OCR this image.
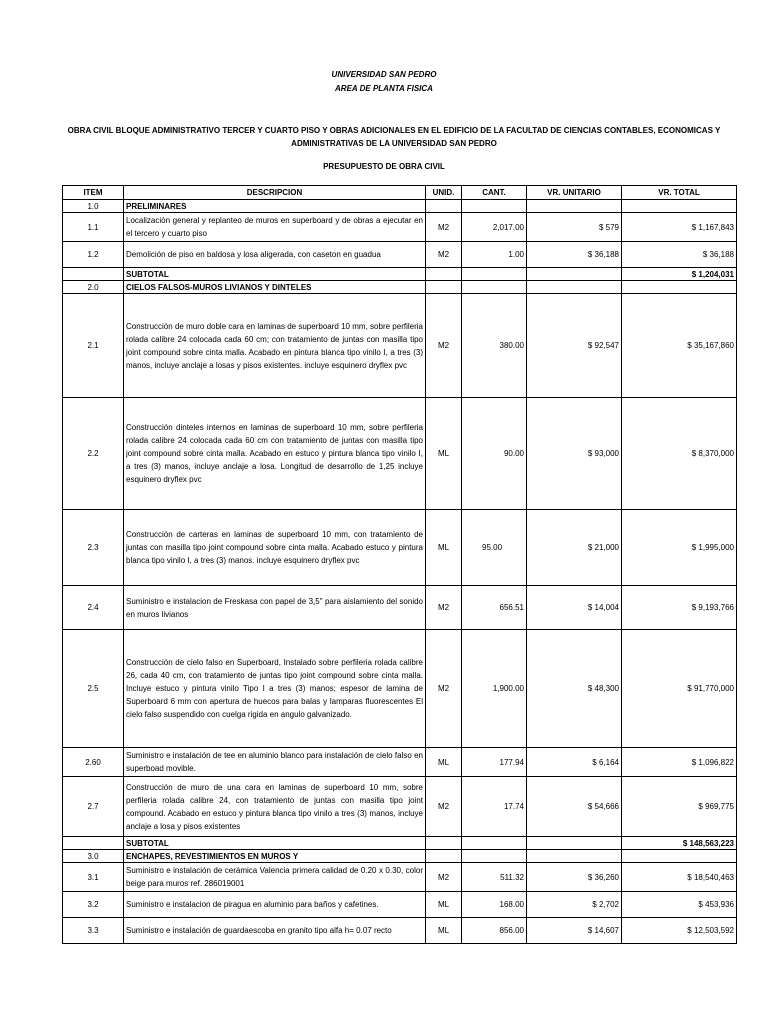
UNIVERSIDAD SAN PEDRO
AREA DE PLANTA FISICA
OBRA CIVIL BLOQUE ADMINISTRATIVO TERCER Y CUARTO PISO Y OBRAS ADICIONALES EN EL EDIFICIO DE LA FACULTAD DE CIENCIAS CONTABLES, ECONOMICAS Y ADMINISTRATIVAS DE LA UNIVERSIDAD SAN PEDRO
PRESUPUESTO DE OBRA CIVIL
ITEM	DESCRIPCION	UNID.	CANT.	VR. UNITARIO	VR. TOTAL
1.0	PRELIMINARES				
1.1	Localización general y replanteo de muros en superboard y de obras a ejecutar en el tercero y cuarto piso	M2	2,017.00	$ 579	$ 1,167,843
1.2	Demolición de piso en baldosa y losa aligerada, con caseton en guadua	M2	1.00	$ 36,188	$ 36,188
	SUBTOTAL				$ 1,204,031
2.0	CIELOS FALSOS-MUROS LIVIANOS Y DINTELES				
2.1	Construcción de muro doble cara en laminas de superboard 10 mm, sobre perfileria rolada calibre 24 colocada cada 60 cm; con tratamiento de juntas con masilla tipo joint compound sobre cinta malla. Acabado en pintura blanca tipo vinilo I, a tres (3) manos, incluye anclaje a losas y pisos existentes. incluye esquinero dryflex pvc	M2	380.00	$ 92,547	$ 35,167,860
2.2	Construcción dinteles internos en laminas de superboard 10 mm, sobre perfileria rolada calibre 24 colocada cada 60 cm con tratamiento de juntas con masilla tipo joint compound sobre cinta malla. Acabado en estuco y pintura blanca tipo vinilo I, a tres (3) manos, incluye anclaje a losa. Longitud de desarrollo de 1,25 incluye esquinero dryflex pvc	ML	90.00	$ 93,000	$ 8,370,000
2.3	Construcción de carteras en laminas de superboard 10 mm, con tratamiento de juntas con masilla tipo joint compound sobre cinta malla. Acabado estuco y pintura blanca tipo vinilo I, a tres (3) manos. incluye esquinero dryflex pvc	ML	95.00	$ 21,000	$ 1,995,000
2.4	Suministro e instalacion de Freskasa con papel de 3,5" para aislamiento del sonido en muros livianos	M2	656.51	$ 14,004	$ 9,193,766
2.5	Construcción de cielo falso en Superboard, Instalado sobre perfileria rolada calibre 26, cada 40 cm, con tratamiento de juntas tipo joint compound sobre cinta malla. Incluye estuco y pintura vinilo Tipo I a tres (3) manos; espesor de lamina de Superboard 6 mm con apertura de huecos para balas y lamparas fluorescentes El cielo falso suspendido con cuelga rigida en angulo galvanizado.	M2	1,900.00	$ 48,300	$ 91,770,000
2.60	Suministro e instalación de tee en aluminio blanco para instalación de cielo falso en superboad movible.	ML	177.94	$ 6,164	$ 1,096,822
2.7	Construcción de muro de una cara en laminas de superboard 10 mm, sobre perfileria rolada calibre 24, con tratamiento de juntas con masilla tipo joint compound. Acabado en estuco y pintura blanca tipo vinilo a tres (3) manos, incluye anclaje a losa y pisos existentes	M2	17.74	$ 54,666	$ 969,775
	SUBTOTAL				$ 148,563,223
3.0	ENCHAPES, REVESTIMIENTOS EN MUROS Y				
3.1	Suministro e instalación de cerámica Valencia primera calidad de 0.20 x 0.30, color beige para muros ref. 286019001	M2	511.32	$ 36,260	$ 18,540,463
3.2	Suministro e instalacion de piragua en aluminio para baños y cafetines.	ML	168.00	$ 2,702	$ 453,936
3.3	Suministro e instalación de guardaescoba en granito tipo alfa h= 0.07 recto	ML	856.00	$ 14,607	$ 12,503,592
